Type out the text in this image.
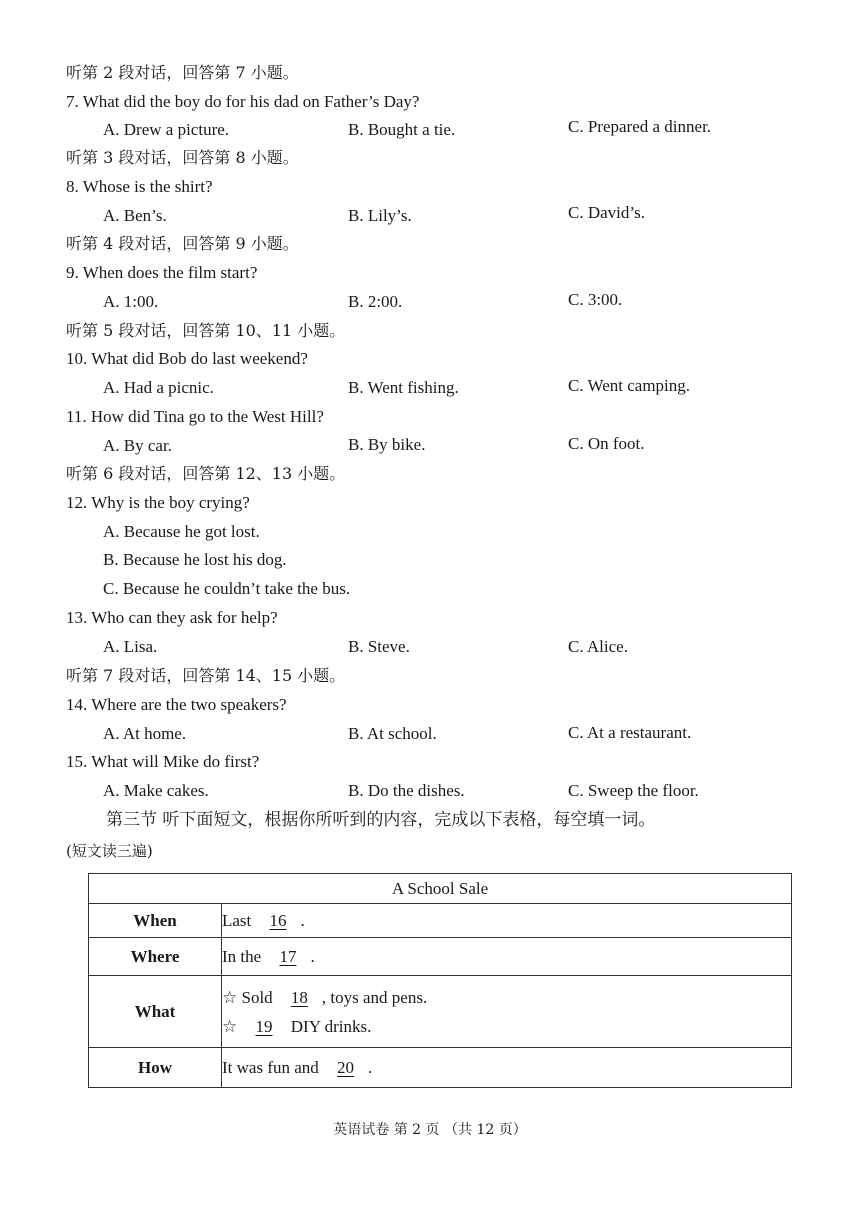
听第 2 段对话，回答第 7 小题。
7. What did the boy do for his dad on Father’s Day?
A. Drew a picture.	B. Bought a tie.	C. Prepared a dinner.
听第 3 段对话，回答第 8 小题。
8. Whose is the shirt?
A. Ben’s.	B. Lily’s.	C. David’s.
听第 4 段对话，回答第 9 小题。
9. When does the film start?
A. 1:00.	B. 2:00.	C. 3:00.
听第 5 段对话，回答第 10、11 小题。
10. What did Bob do last weekend?
A. Had a picnic.	B. Went fishing.	C. Went camping.
11. How did Tina go to the West Hill?
A. By car.	B. By bike.	C. On foot.
听第 6 段对话，回答第 12、13 小题。
12. Why is the boy crying?
A. Because he got lost.
B. Because he lost his dog.
C. Because he couldn’t take the bus.
13. Who can they ask for help?
A. Lisa.	B. Steve.	C. Alice.
听第 7 段对话，回答第 14、15 小题。
14. Where are the two speakers?
A. At home.	B. At school.	C. At a restaurant.
15. What will Mike do first?
A. Make cakes.	B. Do the dishes.	C. Sweep the floor.
第三节 听下面短文，根据你所听到的内容，完成以下表格，每空填一词。
(短文读三遍)
A School Sale	
When	Last 16 .
Where	In the 17 .
What	☆ Sold 18 , toys and pens.
☆ 19 DIY drinks.

How	It was fun and 20 .
英语试卷 第 2 页 （共 12 页）
